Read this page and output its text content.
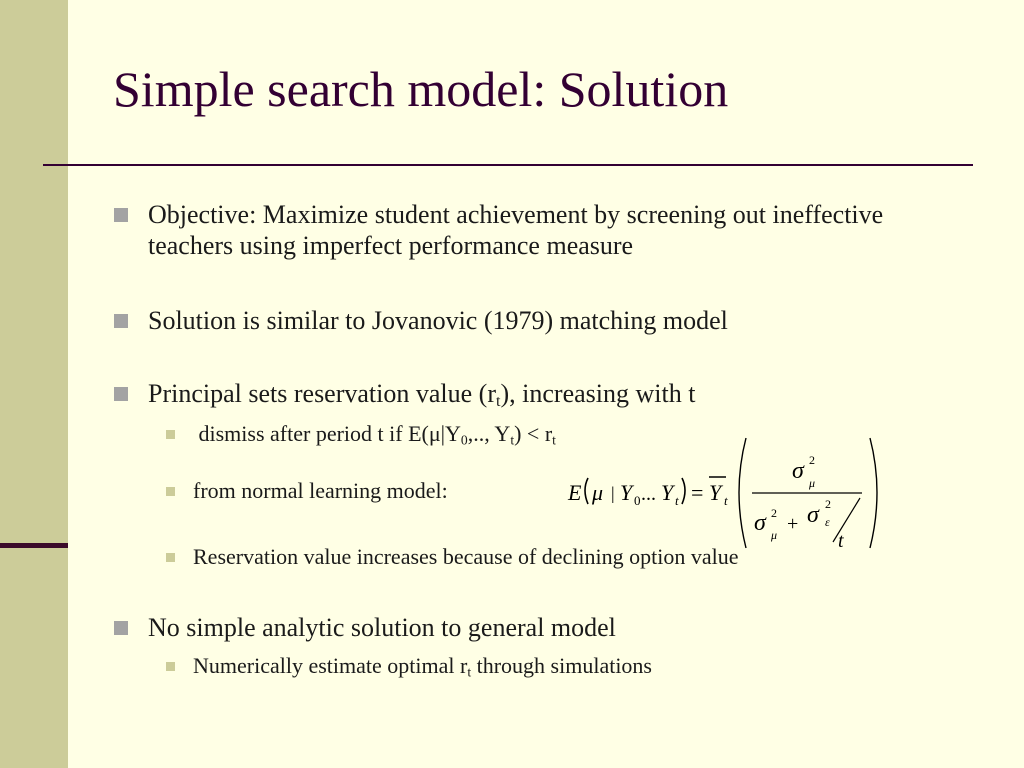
Simple search model: Solution
Objective: Maximize student achievement by screening out ineffective teachers using imperfect performance measure
Solution is similar to Jovanovic (1979) matching model
Principal sets reservation value $(r_t)$, increasing with t
dismiss after period t if $E(\mu|Y_0$,.., $Y_t) < r_t$
from normal learning model:	E μ | Y 0 ... Y t = Y t
σ 2
μ
σ 2
μ + σ 2
ε
t
Reservation value increases because of declining option value
No simple analytic solution to general model
Numerically estimate optimal $r_t$ through simulations
